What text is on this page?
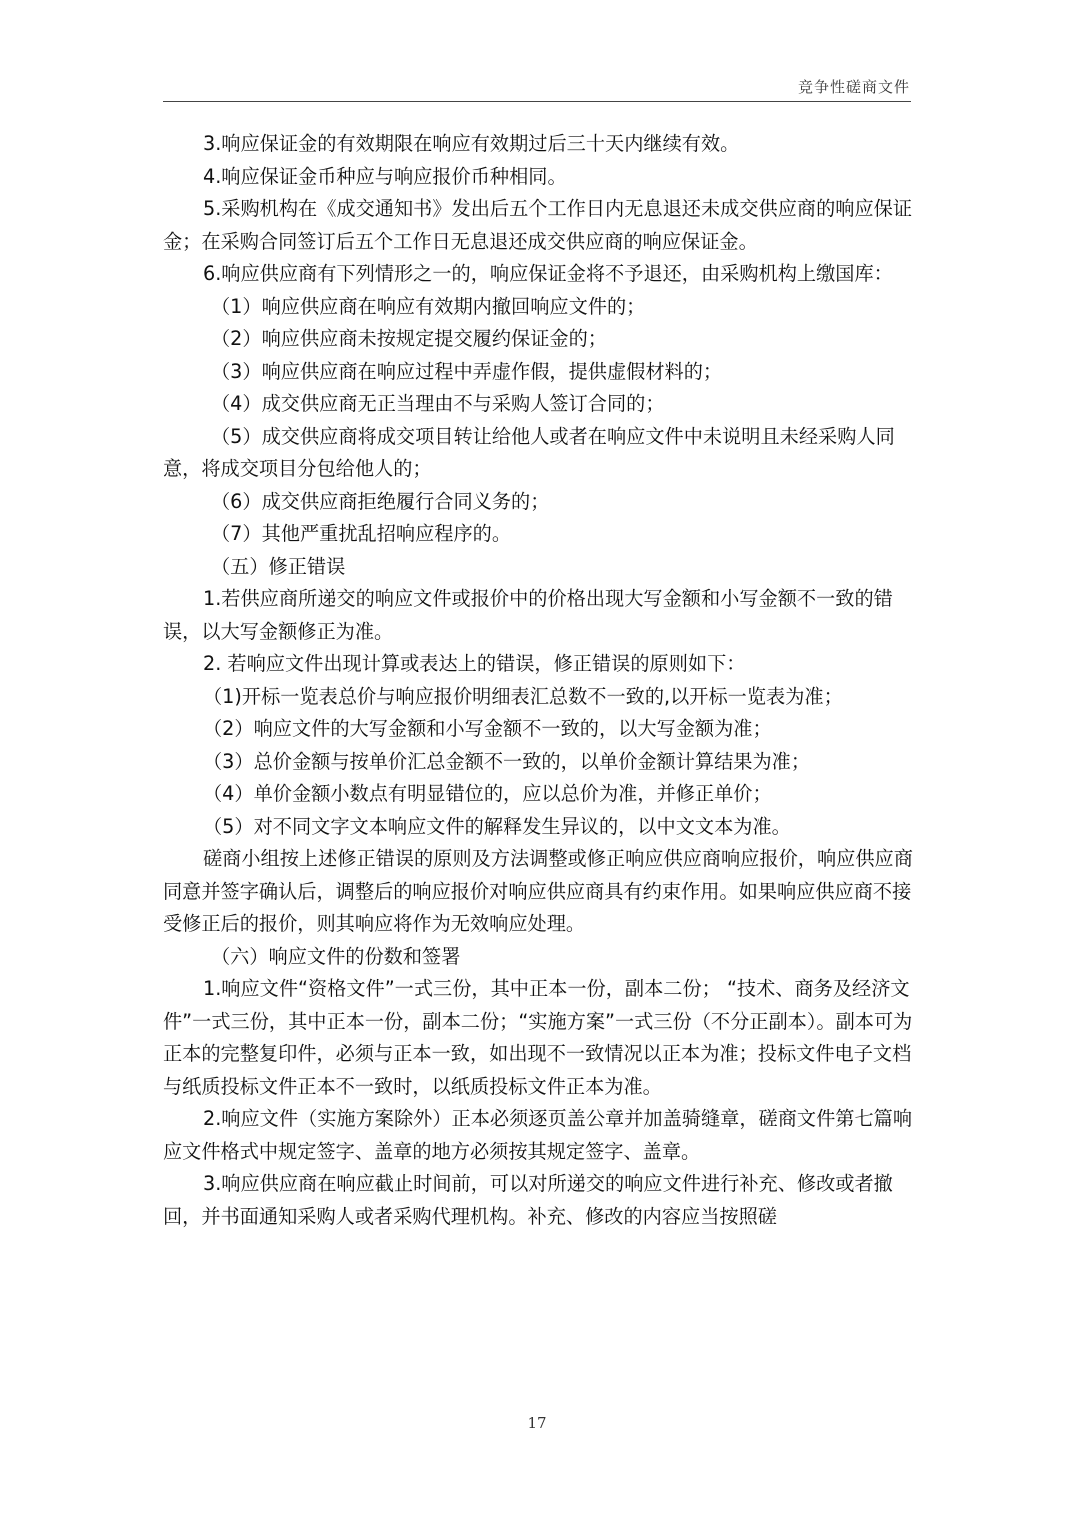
竞争性磋商文件

3.响应保证金的有效期限在响应有效期过后三十天内继续有效。

4.响应保证金币种应与响应报价币种相同。

5.采购机构在《成交通知书》发出后五个工作日内无息退还未成交供应商的响应保证金；在采购合同签订后五个工作日无息退还成交供应商的响应保证金。

6.响应供应商有下列情形之一的，响应保证金将不予退还，由采购机构上缴国库：

（1）响应供应商在响应有效期内撤回响应文件的；

（2）响应供应商未按规定提交履约保证金的；

（3）响应供应商在响应过程中弄虚作假，提供虚假材料的；

（4）成交供应商无正当理由不与采购人签订合同的；

（5）成交供应商将成交项目转让给他人或者在响应文件中未说明且未经采购人同意，将成交项目分包给他人的；

（6）成交供应商拒绝履行合同义务的；

（7）其他严重扰乱招响应程序的。

（五）修正错误

1.若供应商所递交的响应文件或报价中的价格出现大写金额和小写金额不一致的错误，以大写金额修正为准。

2. 若响应文件出现计算或表达上的错误，修正错误的原则如下：

（1)开标一览表总价与响应报价明细表汇总数不一致的,以开标一览表为准；

（2）响应文件的大写金额和小写金额不一致的，以大写金额为准；

（3）总价金额与按单价汇总金额不一致的，以单价金额计算结果为准；

（4）单价金额小数点有明显错位的，应以总价为准，并修正单价；

（5）对不同文字文本响应文件的解释发生异议的，以中文文本为准。

磋商小组按上述修正错误的原则及方法调整或修正响应供应商响应报价，响应供应商同意并签字确认后，调整后的响应报价对响应供应商具有约束作用。如果响应供应商不接受修正后的报价，则其响应将作为无效响应处理。

（六）响应文件的份数和签署

1.响应文件“资格文件”一式三份，其中正本一份，副本二份； “技术、商务及经济文件”一式三份，其中正本一份，副本二份；“实施方案”一式三份（不分正副本）。副本可为正本的完整复印件，必须与正本一致，如出现不一致情况以正本为准；投标文件电子文档与纸质投标文件正本不一致时，以纸质投标文件正本为准。

2.响应文件（实施方案除外）正本必须逐页盖公章并加盖骑缝章，磋商文件第七篇响应文件格式中规定签字、盖章的地方必须按其规定签字、盖章。

3.响应供应商在响应截止时间前，可以对所递交的响应文件进行补充、修改或者撤回，并书面通知采购人或者采购代理机构。补充、修改的内容应当按照磋

17
